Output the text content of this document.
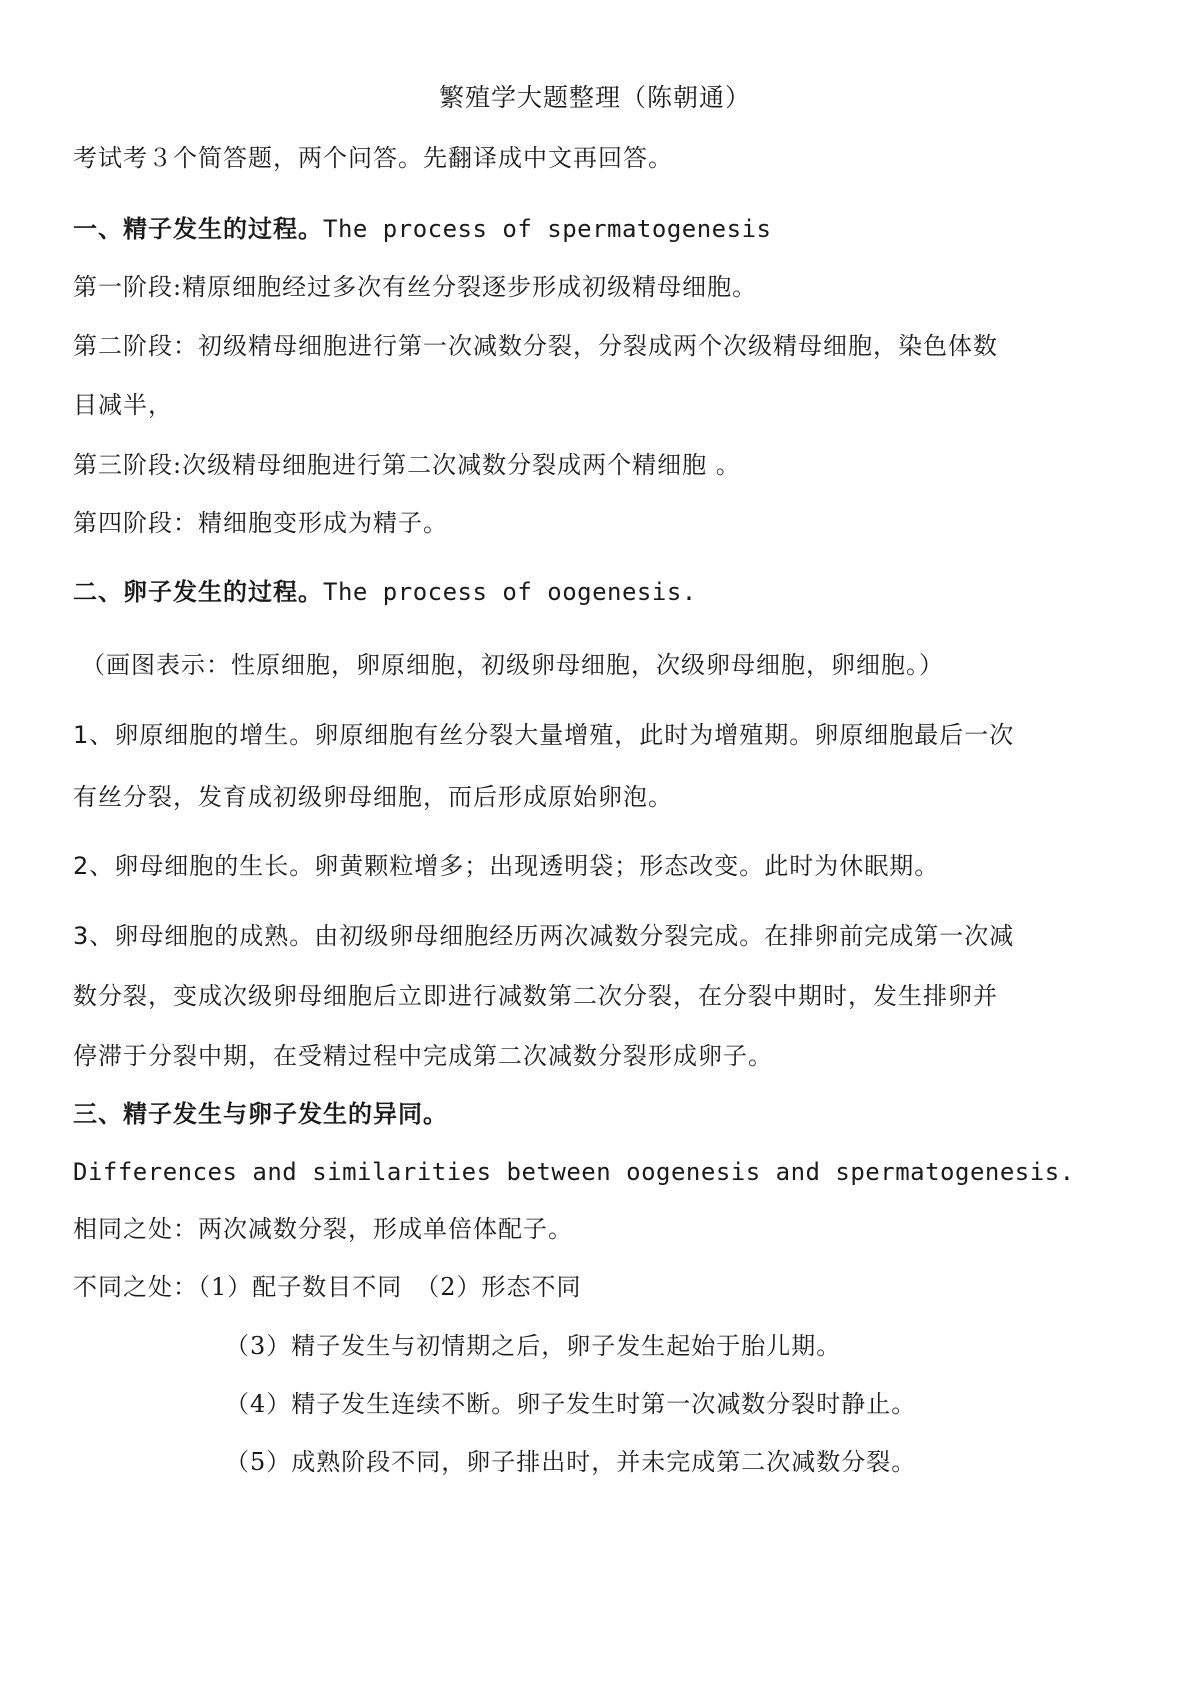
繁殖学大题整理（陈朝通）
考试考３个简答题，两个问答。先翻译成中文再回答。
一、精子发生的过程。The process of spermatogenesis
第一阶段:精原细胞经过多次有丝分裂逐步形成初级精母细胞。
第二阶段：初级精母细胞进行第一次减数分裂，分裂成两个次级精母细胞，染色体数
目减半，
第三阶段:次级精母细胞进行第二次减数分裂成两个精细胞 。
第四阶段：精细胞变形成为精子。
二、卵子发生的过程。The process of oogenesis.
（画图表示：性原细胞，卵原细胞，初级卵母细胞，次级卵母细胞，卵细胞。）
1、卵原细胞的增生。卵原细胞有丝分裂大量增殖，此时为增殖期。卵原细胞最后一次
有丝分裂，发育成初级卵母细胞，而后形成原始卵泡。
2、卵母细胞的生长。卵黄颗粒增多；出现透明袋；形态改变。此时为休眠期。
3、卵母细胞的成熟。由初级卵母细胞经历两次减数分裂完成。在排卵前完成第一次减
数分裂，变成次级卵母细胞后立即进行减数第二次分裂，在分裂中期时，发生排卵并
停滞于分裂中期，在受精过程中完成第二次减数分裂形成卵子。
三、精子发生与卵子发生的异同。
Differences and similarities between oogenesis and spermatogenesis.
相同之处：两次减数分裂，形成单倍体配子。
不同之处：（1）配子数目不同　（2）形态不同
（3）精子发生与初情期之后，卵子发生起始于胎儿期。
（4）精子发生连续不断。卵子发生时第一次减数分裂时静止。
（5）成熟阶段不同，卵子排出时，并未完成第二次减数分裂。
